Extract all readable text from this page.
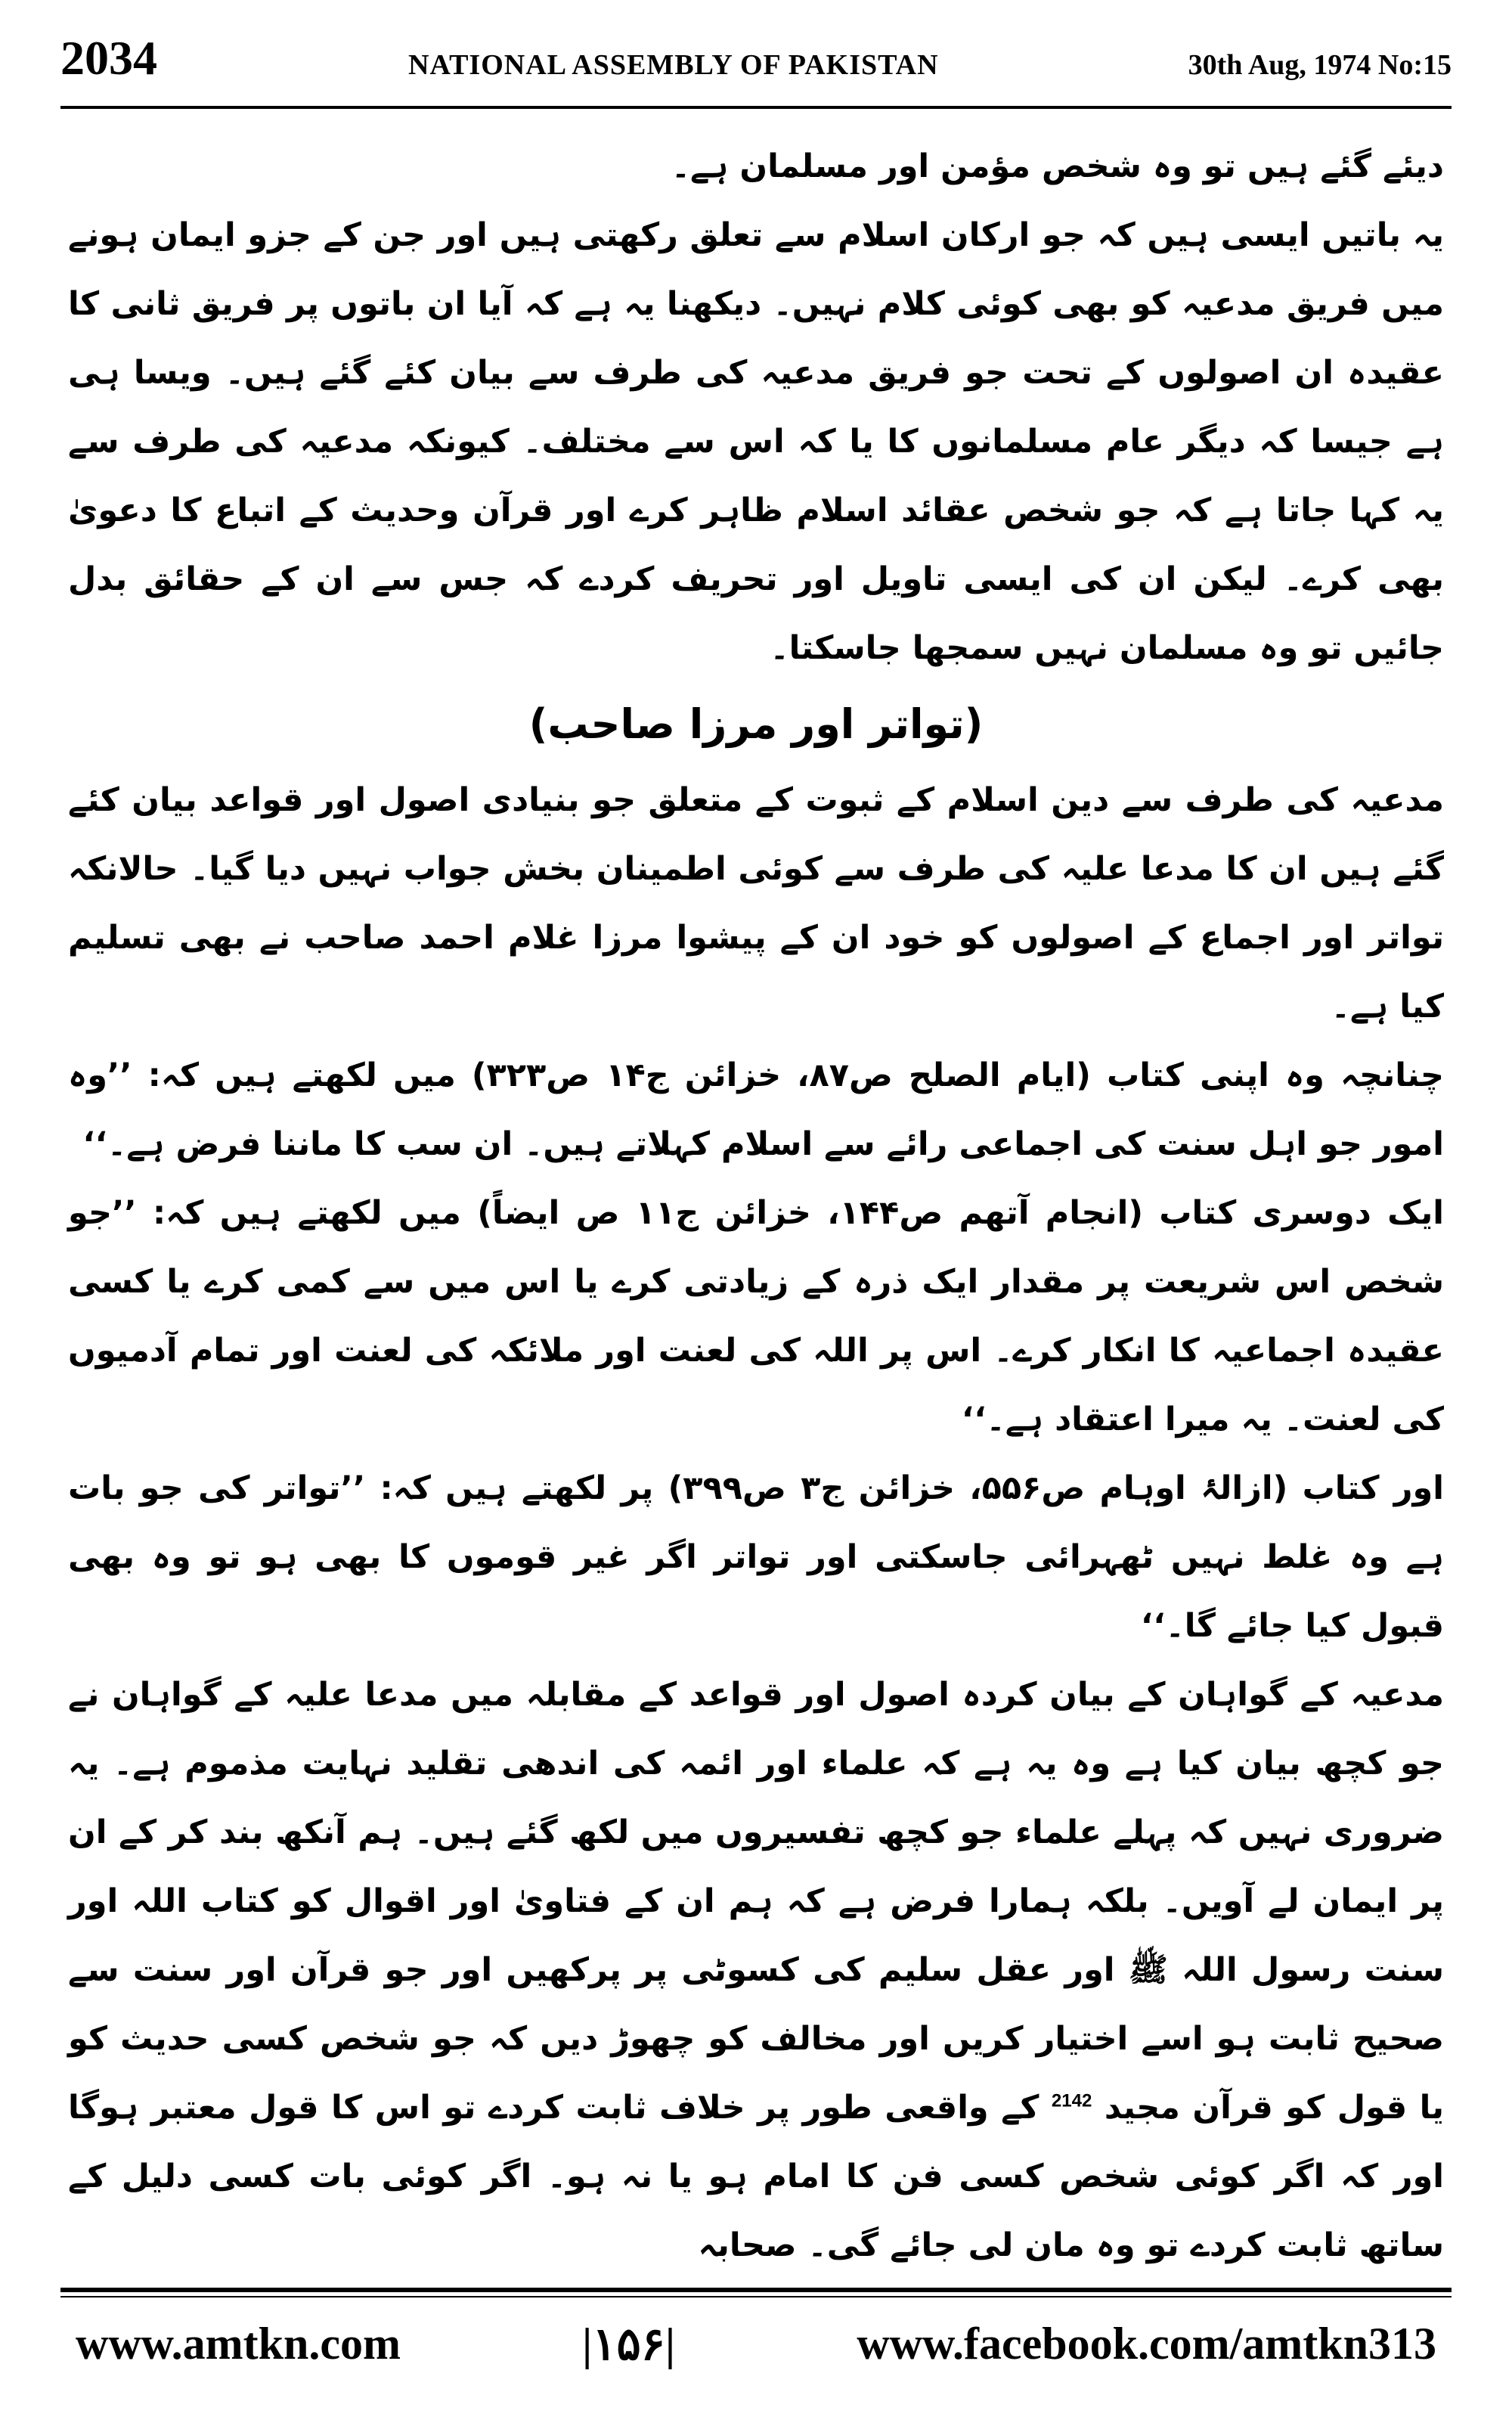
2034	NATIONAL ASSEMBLY OF PAKISTAN	30th Aug, 1974 No:15

دیئے گئے ہیں تو وہ شخص مؤمن اور مسلمان ہے۔

یہ باتیں ایسی ہیں کہ جو ارکان اسلام سے تعلق رکھتی ہیں اور جن کے جزو ایمان ہونے میں فریق مدعیہ کو بھی کوئی کلام نہیں۔ دیکھنا یہ ہے کہ آیا ان باتوں پر فریق ثانی کا عقیدہ ان اصولوں کے تحت جو فریق مدعیہ کی طرف سے بیان کئے گئے ہیں۔ ویسا ہی ہے جیسا کہ دیگر عام مسلمانوں کا یا کہ اس سے مختلف۔ کیونکہ مدعیہ کی طرف سے یہ کہا جاتا ہے کہ جو شخص عقائد اسلام ظاہر کرے اور قرآن وحدیث کے اتباع کا دعویٰ بھی کرے۔ لیکن ان کی ایسی تاویل اور تحریف کردے کہ جس سے ان کے حقائق بدل جائیں تو وہ مسلمان نہیں سمجھا جاسکتا۔

(تواتر اور مرزا صاحب)

مدعیہ کی طرف سے دین اسلام کے ثبوت کے متعلق جو بنیادی اصول اور قواعد بیان کئے گئے ہیں ان کا مدعا علیہ کی طرف سے کوئی اطمینان بخش جواب نہیں دیا گیا۔ حالانکہ تواتر اور اجماع کے اصولوں کو خود ان کے پیشوا مرزا غلام احمد صاحب نے بھی تسلیم کیا ہے۔

چنانچہ وہ اپنی کتاب (ایام الصلح ص۸۷، خزائن ج۱۴ ص۳۲۳) میں لکھتے ہیں کہ: ’’وہ امور جو اہل سنت کی اجماعی رائے سے اسلام کہلاتے ہیں۔ ان سب کا ماننا فرض ہے۔‘‘

ایک دوسری کتاب (انجام آتھم ص۱۴۴، خزائن ج۱۱ ص ایضاً) میں لکھتے ہیں کہ: ’’جو شخص اس شریعت پر مقدار ایک ذرہ کے زیادتی کرے یا اس میں سے کمی کرے یا کسی عقیدہ اجماعیہ کا انکار کرے۔ اس پر اللہ کی لعنت اور ملائکہ کی لعنت اور تمام آدمیوں کی لعنت۔ یہ میرا اعتقاد ہے۔‘‘

اور کتاب (ازالۂ اوہام ص۵۵۶، خزائن ج۳ ص۳۹۹) پر لکھتے ہیں کہ: ’’تواتر کی جو بات ہے وہ غلط نہیں ٹھہرائی جاسکتی اور تواتر اگر غیر قوموں کا بھی ہو تو وہ بھی قبول کیا جائے گا۔‘‘

مدعیہ کے گواہان کے بیان کردہ اصول اور قواعد کے مقابلہ میں مدعا علیہ کے گواہان نے جو کچھ بیان کیا ہے وہ یہ ہے کہ علماء اور ائمہ کی اندھی تقلید نہایت مذموم ہے۔ یہ ضروری نہیں کہ پہلے علماء جو کچھ تفسیروں میں لکھ گئے ہیں۔ ہم آنکھ بند کر کے ان پر ایمان لے آویں۔ بلکہ ہمارا فرض ہے کہ ہم ان کے فتاویٰ اور اقوال کو کتاب اللہ اور سنت رسول اللہ ﷺ اور عقل سلیم کی کسوٹی پر پرکھیں اور جو قرآن اور سنت سے صحیح ثابت ہو اسے اختیار کریں اور مخالف کو چھوڑ دیں کہ جو شخص کسی حدیث کو یا قول کو قرآن مجید $^{2142}$ کے واقعی طور پر خلاف ثابت کردے تو اس کا قول معتبر ہوگا اور کہ اگر کوئی شخص کسی فن کا امام ہو یا نہ ہو۔ اگر کوئی بات کسی دلیل کے ساتھ ثابت کردے تو وہ مان لی جائے گی۔ صحابہ

www.amtkn.com	|۱۵۶|	www.facebook.com/amtkn313
